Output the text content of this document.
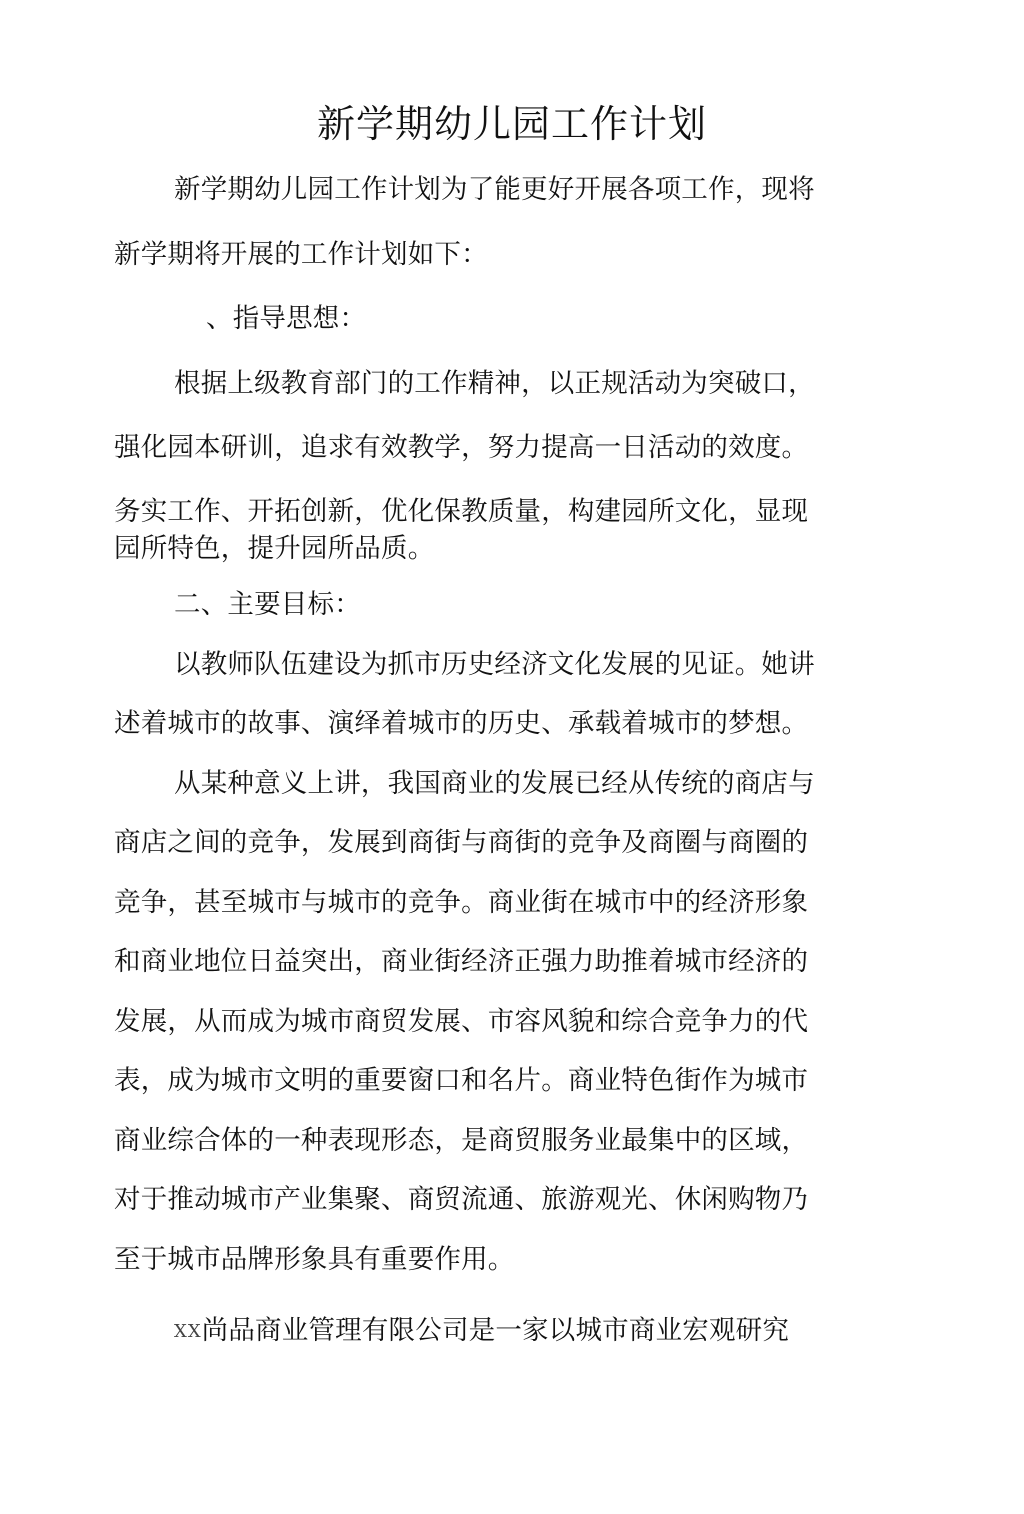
新学期幼儿园工作计划
新学期幼儿园工作计划为了能更好开展各项工作，现将
新学期将开展的工作计划如下：
、指导思想：
根据上级教育部门的工作精神，以正规活动为突破口，
强化园本研训，追求有效教学，努力提高一日活动的效度。
务实工作、开拓创新，优化保教质量，构建园所文化，显现
园所特色，提升园所品质。
二、主要目标：
以教师队伍建设为抓市历史经济文化发展的见证。她讲
述着城市的故事、演绎着城市的历史、承载着城市的梦想。
从某种意义上讲，我国商业的发展已经从传统的商店与
商店之间的竞争，发展到商街与商街的竞争及商圈与商圈的
竞争，甚至城市与城市的竞争。商业街在城市中的经济形象
和商业地位日益突出，商业街经济正强力助推着城市经济的
发展，从而成为城市商贸发展、市容风貌和综合竞争力的代
表，成为城市文明的重要窗口和名片。商业特色街作为城市
商业综合体的一种表现形态，是商贸服务业最集中的区域，
对于推动城市产业集聚、商贸流通、旅游观光、休闲购物乃
至于城市品牌形象具有重要作用。
XX尚品商业管理有限公司是一家以城市商业宏观研究
